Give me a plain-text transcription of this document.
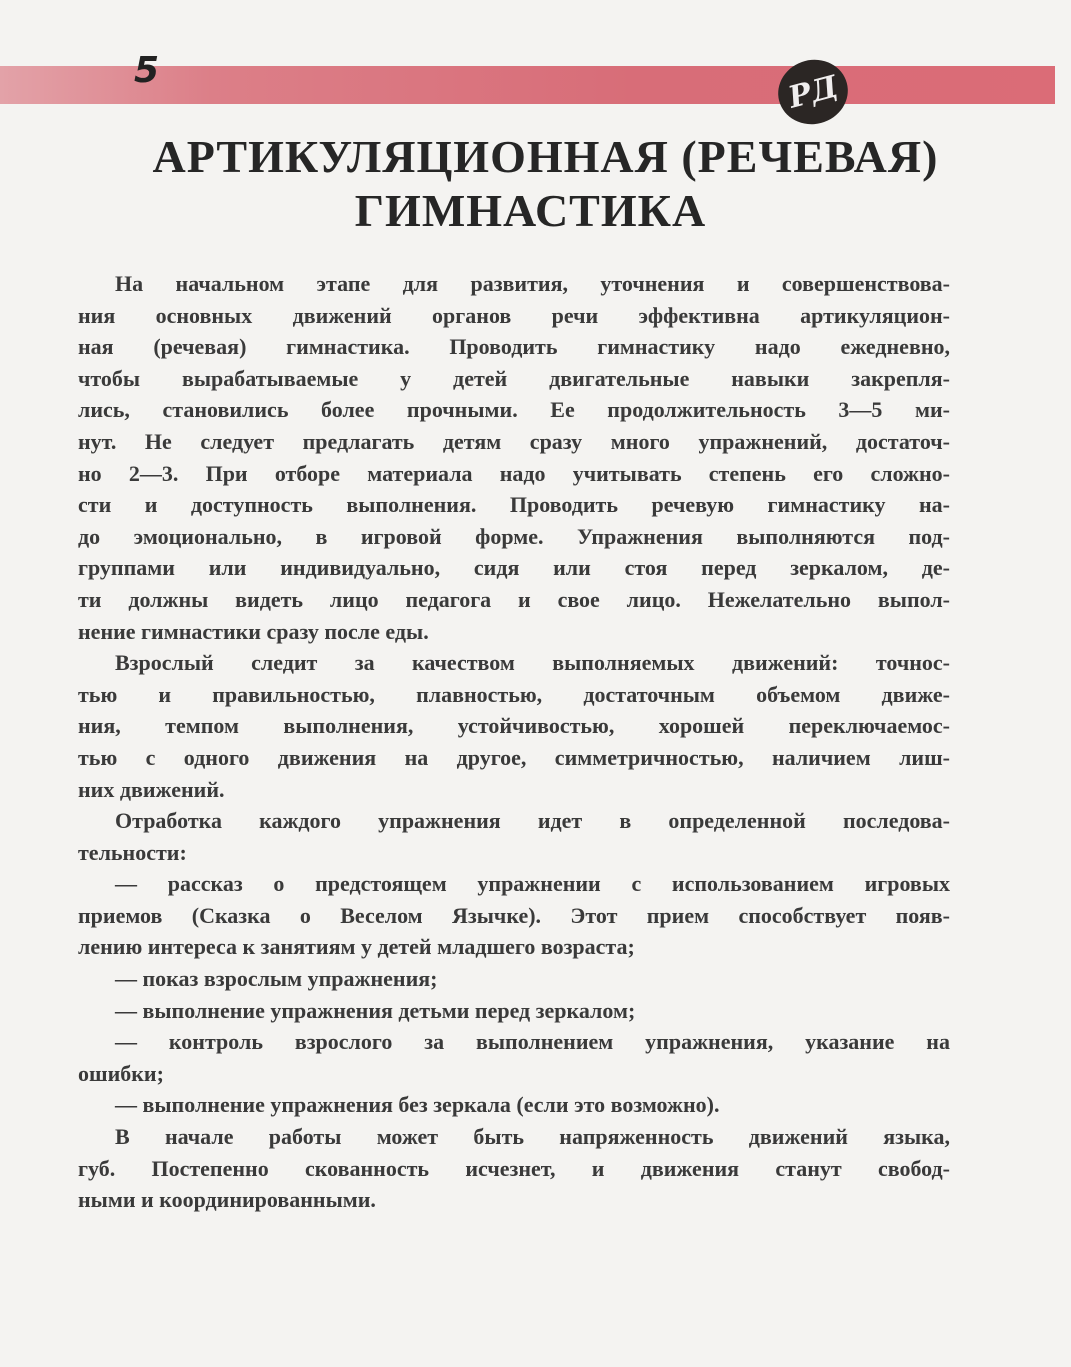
5	РД
АРТИКУЛЯЦИОННАЯ (РЕЧЕВАЯ)
ГИМНАСТИКА
На начальном этапе для развития, уточнения и совершенствова-
ния основных движений органов речи эффективна артикуляцион-
ная (речевая) гимнастика. Проводить гимнастику надо ежедневно,
чтобы вырабатываемые у детей двигательные навыки закрепля-
лись, становились более прочными. Ее продолжительность 3—5 ми-
нут. Не следует предлагать детям сразу много упражнений, достаточ-
но 2—3. При отборе материала надо учитывать степень его сложно-
сти и доступность выполнения. Проводить речевую гимнастику на-
до эмоционально, в игровой форме. Упражнения выполняются под-
группами или индивидуально, сидя или стоя перед зеркалом, де-
ти должны видеть лицо педагога и свое лицо. Нежелательно выпол-
нение гимнастики сразу после еды.
Взрослый следит за качеством выполняемых движений: точнос-
тью и правильностью, плавностью, достаточным объемом движе-
ния, темпом выполнения, устойчивостью, хорошей переключаемос-
тью с одного движения на другое, симметричностью, наличием лиш-
них движений.
Отработка каждого упражнения идет в определенной последова-
тельности:
— рассказ о предстоящем упражнении с использованием игровых
приемов (Сказка о Веселом Язычке). Этот прием способствует появ-
лению интереса к занятиям у детей младшего возраста;
— показ взрослым упражнения;
— выполнение упражнения детьми перед зеркалом;
— контроль взрослого за выполнением упражнения, указание на
ошибки;
— выполнение упражнения без зеркала (если это возможно).
В начале работы может быть напряженность движений языка,
губ. Постепенно скованность исчезнет, и движения станут свобод-
ными и координированными.
